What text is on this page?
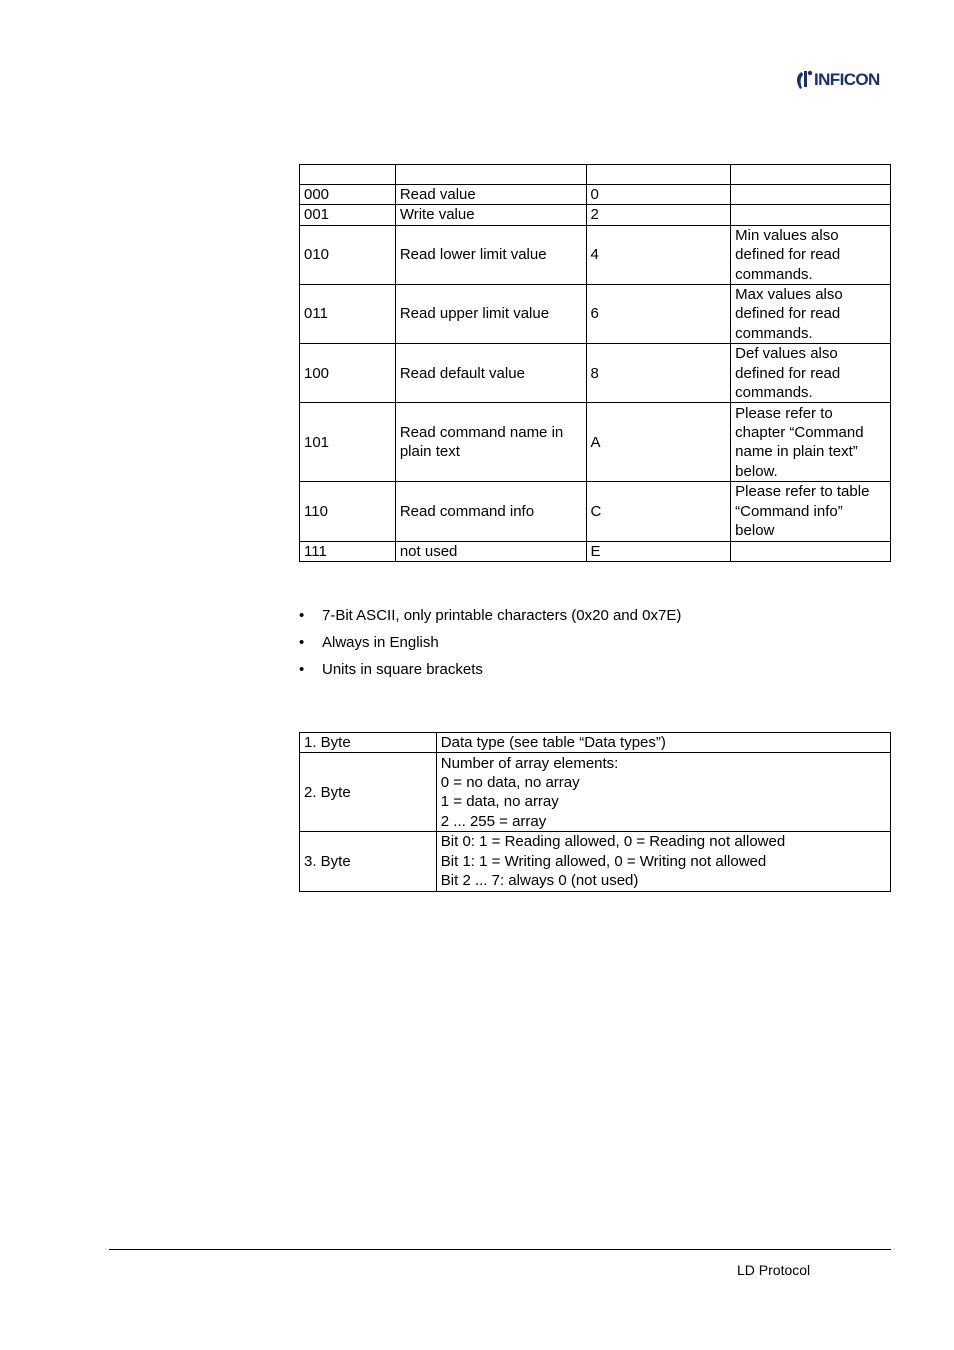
INFICON

000	Read value	0	
001	Write value	2	
010	Read lower limit value	4	Min values also defined for read commands.
011	Read upper limit value	6	Max values also defined for read commands.
100	Read default value	8	Def values also defined for read commands.
101	Read command name in plain text	A	Please refer to chapter “Command name in plain text” below.
110	Read command info	C	Please refer to table “Command info” below
111	not used	E	
• 7-Bit ASCII, only printable characters (0x20 and 0x7E)
• Always in English
• Units in square brackets
1. Byte	Data type (see table “Data types”)

2. Byte	Number of array elements:
0 = no data, no array
1 = data, no array
2 ... 255 = array

3. Byte	Bit 0: 1 = Reading allowed, 0 = Reading not allowed
Bit 1: 1 = Writing allowed, 0 = Writing not allowed
Bit 2 ... 7: always 0 (not used)
LD Protocol
